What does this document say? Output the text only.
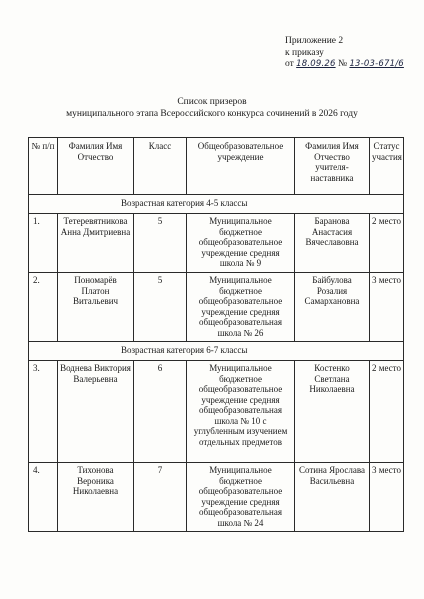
Приложение 2
к приказу
от 18.09.26 № 13-03-671/6
Список призеров
муниципального этапа Всероссийского конкурса сочинений в 2026 году
№ п/п	Фамилия Имя Отчество	Класс	Общеобразовательное учреждение	Фамилия Имя Отчество учителя-наставника	Статус участия
Возрастная категория 4-5 классы					
1.	Тетеревятникова Анна Дмитриевна	5	Муниципальное бюджетное общеобразовательное учреждение средняя школа № 9	Баранова Анастасия Вячеславовна	2 место
2.	Пономарёв Платон Витальевич	5	Муниципальное бюджетное общеобразовательное учреждение средняя общеобразовательная школа № 26	Байбулова Розалия Самархановна	3 место
Возрастная категория 6-7 классы					
3.	Воднева Виктория Валерьевна	6	Муниципальное бюджетное общеобразовательное учреждение средняя общеобразовательная школа № 10 с углубленным изучением отдельных предметов	Костенко Светлана Николаевна	2 место
4.	Тихонова Вероника Николаевна	7	Муниципальное бюджетное общеобразовательное учреждение средняя общеобразовательная школа № 24	Сотина Ярослава Васильевна	3 место
